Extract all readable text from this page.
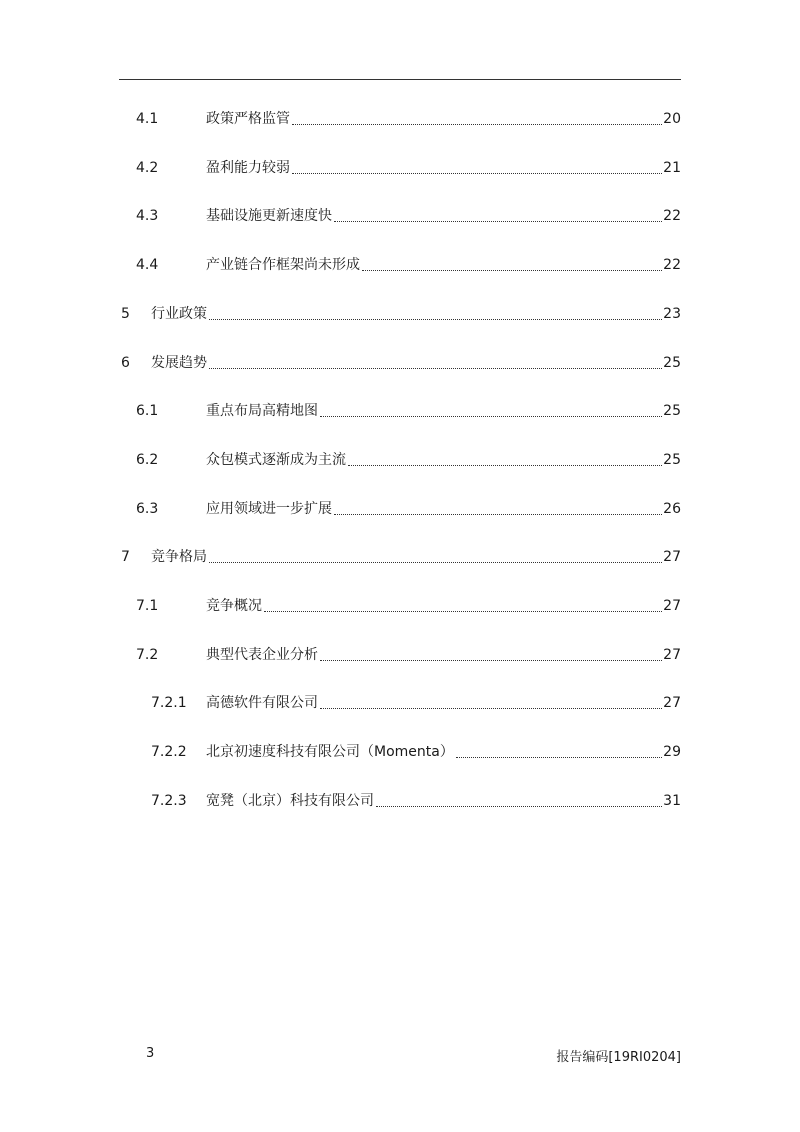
4.1	政策严格监管	20
4.2	盈利能力较弱	21
4.3	基础设施更新速度快	22
4.4	产业链合作框架尚未形成	22
5	行业政策	23
6	发展趋势	25
6.1	重点布局高精地图	25
6.2	众包模式逐渐成为主流	25
6.3	应用领域进一步扩展	26
7	竞争格局	27
7.1	竞争概况	27
7.2	典型代表企业分析	27
7.2.1	高德软件有限公司	27
7.2.2	北京初速度科技有限公司（Momenta）	29
7.2.3	宽凳（北京）科技有限公司	31
3	报告编码[19RI0204]
